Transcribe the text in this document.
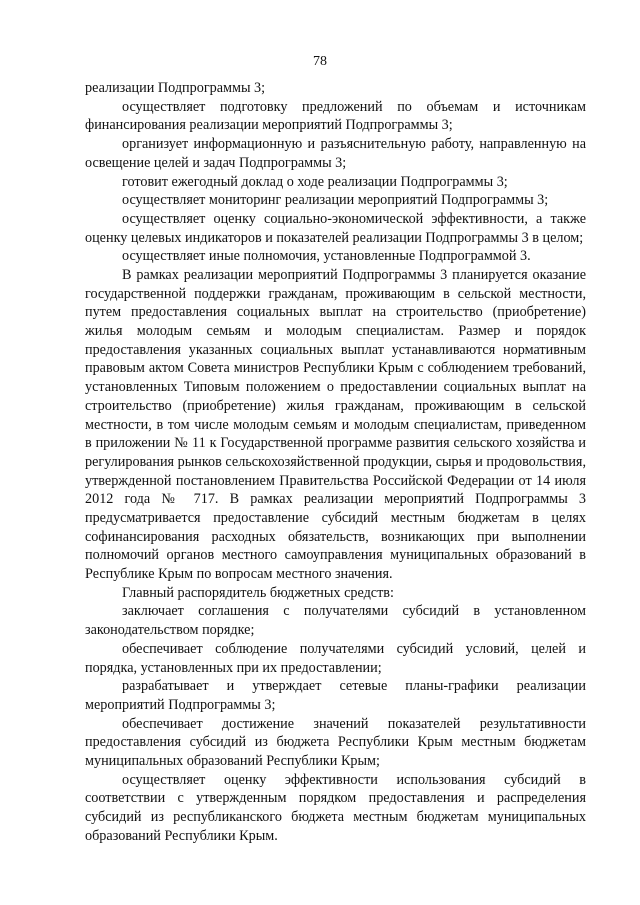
78

реализации Подпрограммы 3;

осуществляет подготовку предложений по объемам и источникам финансирования реализации мероприятий Подпрограммы 3;

организует информационную и разъяснительную работу, направленную на освещение целей и задач Подпрограммы 3;

готовит ежегодный доклад о ходе реализации Подпрограммы 3;

осуществляет мониторинг реализации мероприятий Подпрограммы 3;

осуществляет оценку социально-экономической эффективности, а также оценку целевых индикаторов и показателей реализации Подпрограммы 3 в целом;

осуществляет иные полномочия, установленные Подпрограммой 3.

В рамках реализации мероприятий Подпрограммы 3 планируется оказание государственной поддержки гражданам, проживающим в сельской местности, путем предоставления социальных выплат на строительство (приобретение) жилья молодым семьям и молодым специалистам. Размер и порядок предоставления указанных социальных выплат устанавливаются нормативным правовым актом Совета министров Республики Крым с соблюдением требований, установленных Типовым положением о предоставлении социальных выплат на строительство (приобретение) жилья гражданам, проживающим в сельской местности, в том числе молодым семьям и молодым специалистам, приведенном в приложении № 11 к Государственной программе развития сельского хозяйства и регулирования рынков сельскохозяйственной продукции, сырья и продовольствия, утвержденной постановлением Правительства Российской Федерации от 14 июля 2012 года № 717. В рамках реализации мероприятий Подпрограммы 3 предусматривается предоставление субсидий местным бюджетам в целях софинансирования расходных обязательств, возникающих при выполнении полномочий органов местного самоуправления муниципальных образований в Республике Крым по вопросам местного значения.

Главный распорядитель бюджетных средств:

заключает соглашения с получателями субсидий в установленном законодательством порядке;

обеспечивает соблюдение получателями субсидий условий, целей и порядка, установленных при их предоставлении;

разрабатывает и утверждает сетевые планы-графики реализации мероприятий Подпрограммы 3;

обеспечивает достижение значений показателей результативности предоставления субсидий из бюджета Республики Крым местным бюджетам муниципальных образований Республики Крым;

осуществляет оценку эффективности использования субсидий в соответствии с утвержденным порядком предоставления и распределения субсидий из республиканского бюджета местным бюджетам муниципальных образований Республики Крым.
